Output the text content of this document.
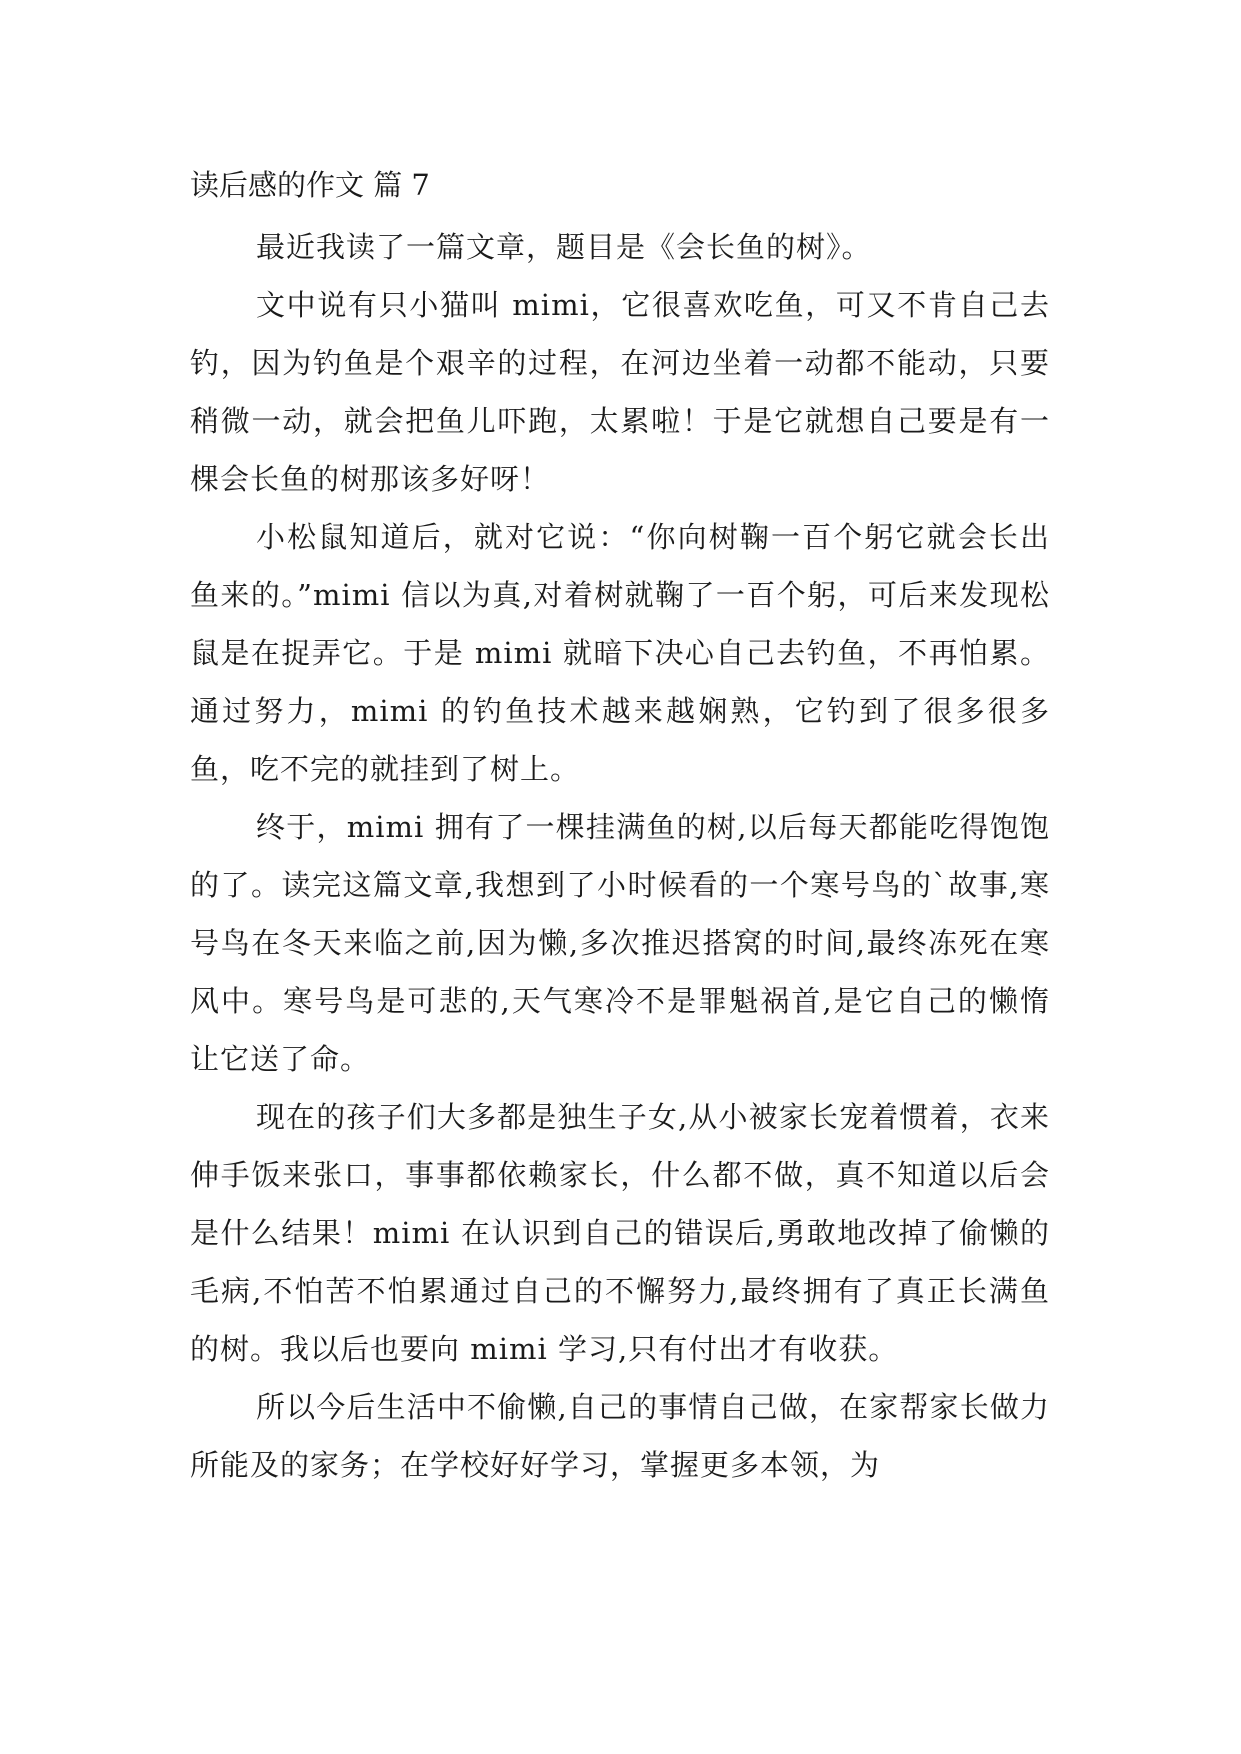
读后感的作文 篇 7

最近我读了一篇文章，题目是《会长鱼的树》。

文中说有只小猫叫 mimi，它很喜欢吃鱼，可又不肯自己去钓，因为钓鱼是个艰辛的过程，在河边坐着一动都不能动，只要稍微一动，就会把鱼儿吓跑，太累啦！于是它就想自己要是有一棵会长鱼的树那该多好呀！

小松鼠知道后，就对它说：“你向树鞠一百个躬它就会长出鱼来的。”mimi 信以为真,对着树就鞠了一百个躬，可后来发现松鼠是在捉弄它。于是 mimi 就暗下决心自己去钓鱼，不再怕累。通过努力，mimi 的钓鱼技术越来越娴熟，它钓到了很多很多鱼，吃不完的就挂到了树上。

终于，mimi 拥有了一棵挂满鱼的树,以后每天都能吃得饱饱的了。读完这篇文章,我想到了小时候看的一个寒号鸟的`故事,寒号鸟在冬天来临之前,因为懒,多次推迟搭窝的时间,最终冻死在寒风中。寒号鸟是可悲的,天气寒冷不是罪魁祸首,是它自己的懒惰让它送了命。

现在的孩子们大多都是独生子女,从小被家长宠着惯着，衣来伸手饭来张口，事事都依赖家长，什么都不做，真不知道以后会是什么结果！mimi 在认识到自己的错误后,勇敢地改掉了偷懒的毛病,不怕苦不怕累通过自己的不懈努力,最终拥有了真正长满鱼的树。我以后也要向 mimi 学习,只有付出才有收获。

所以今后生活中不偷懒,自己的事情自己做，在家帮家长做力所能及的家务；在学校好好学习，掌握更多本领，为
